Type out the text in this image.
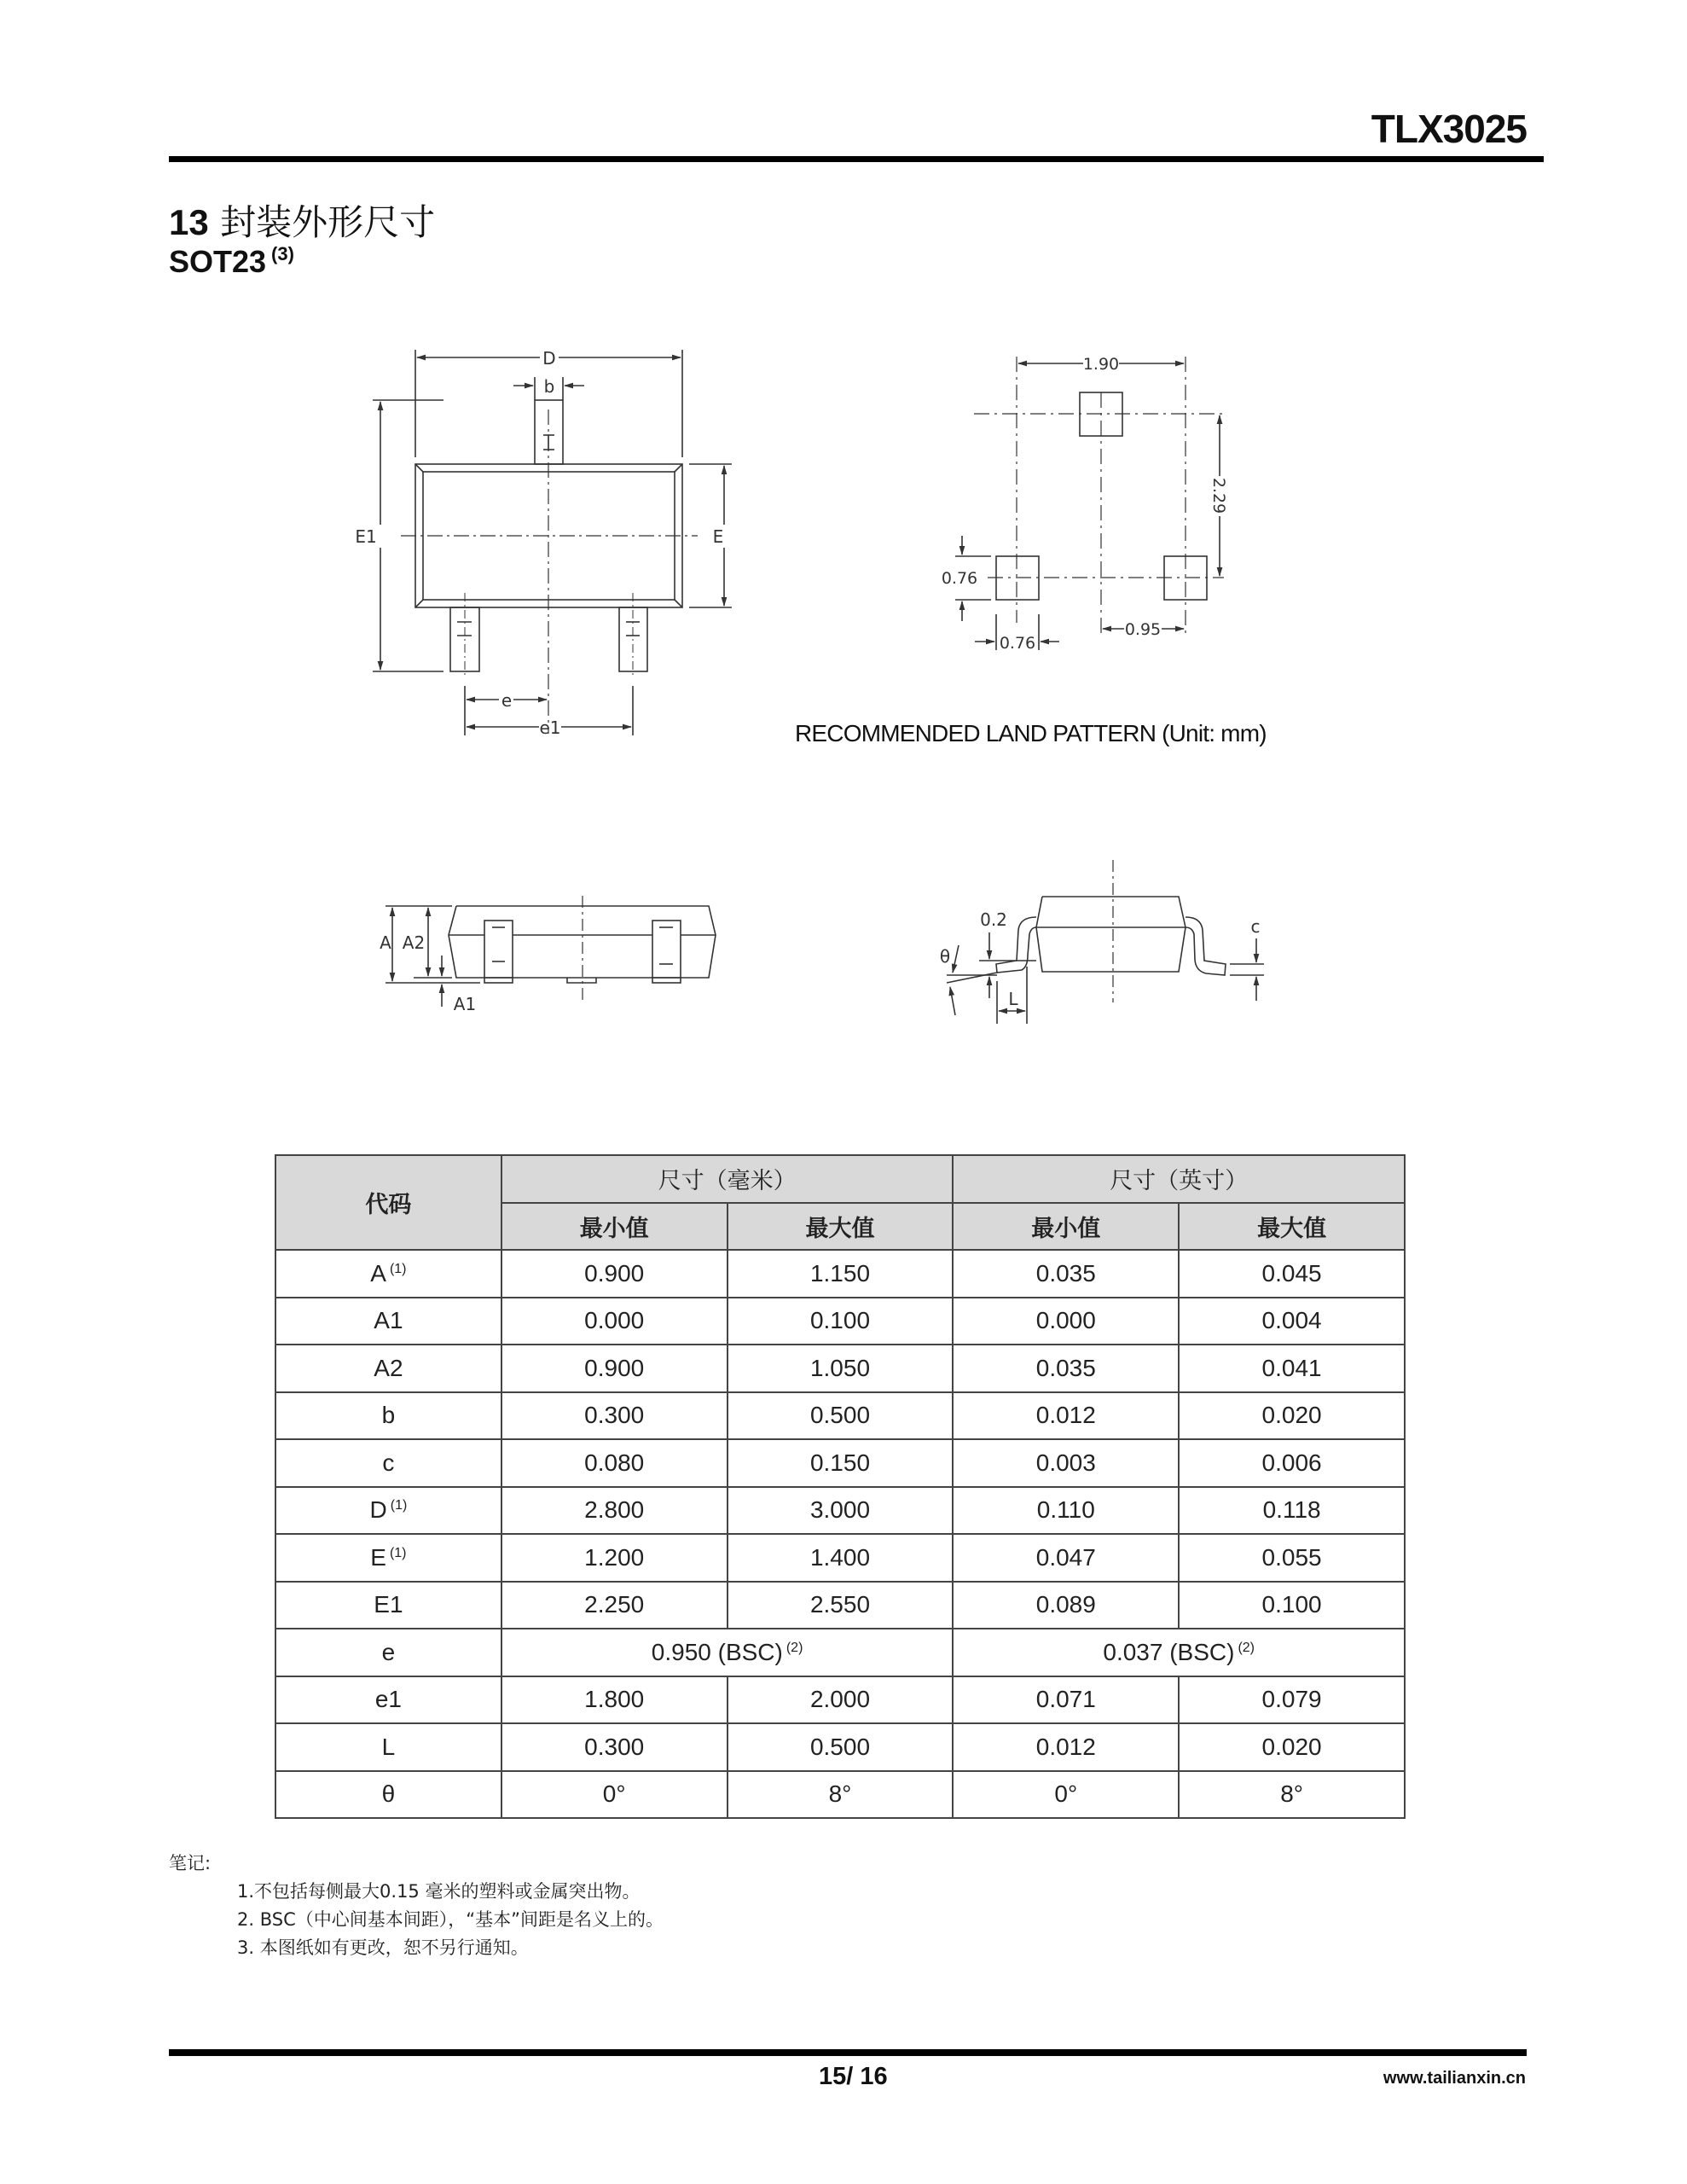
TLX3025
13 封装外形尺寸
SOT23 $^{(3)}$
D
b
E1	E
e
e1
1.90
2.29
0.76
0.76
0.95
RECOMMENDED LAND PATTERN (Unit: mm)
A A2
A1
0.2
θ
L
c
代码	尺寸（毫米）		尺寸（英寸）	
	最小值	最大值	最小值	最大值
A $^{(1)}$	0.900	1.150	0.035	0.045
A1	0.000	0.100	0.000	0.004
A2	0.900	1.050	0.035	0.041
b	0.300	0.500	0.012	0.020
c	0.080	0.150	0.003	0.006
D $^{(1)}$	2.800	3.000	0.110	0.118
E $^{(1)}$	1.200	1.400	0.047	0.055
E1	2.250	2.550	0.089	0.100
e	0.950 (BSC) $^{(2)}$		0.037 (BSC) $^{(2)}$
e1	1.800	2.000	0.071	0.079
L	0.300	0.500	0.012	0.020
θ	0°	8°	0°	8°
笔记:
1.不包括每侧最大0.15 毫米的塑料或金属突出物。
2. BSC（中心间基本间距），“基本”间距是名义上的。
3. 本图纸如有更改，恕不另行通知。
15/ 16	www.tailianxin.cn
